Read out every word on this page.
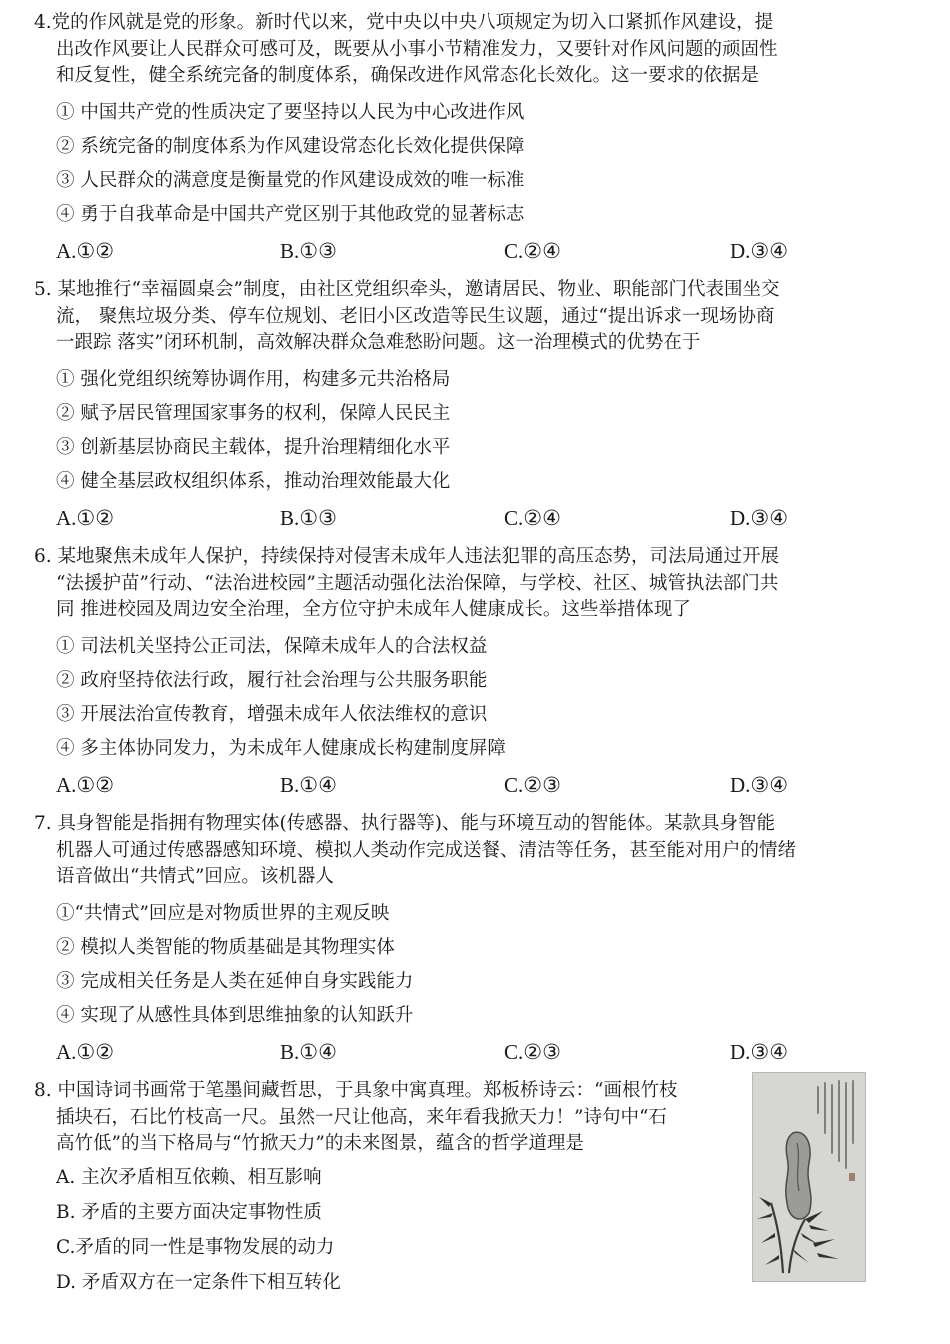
4.党的作风就是党的形象。新时代以来，党中央以中央八项规定为切入口紧抓作风建设，提
出改作风要让人民群众可感可及，既要从小事小节精准发力，又要针对作风问题的顽固性
和反复性，健全系统完备的制度体系，确保改进作风常态化长效化。这一要求的依据是

① 中国共产党的性质决定了要坚持以人民为中心改进作风
② 系统完备的制度体系为作风建设常态化长效化提供保障
③ 人民群众的满意度是衡量党的作风建设成效的唯一标准
④ 勇于自我革命是中国共产党区别于其他政党的显著标志
A.①②	B.①③	C.②④	D.③④

5. 某地推行“幸福圆桌会”制度，由社区党组织牵头，邀请居民、物业、职能部门代表围坐交
流， 聚焦垃圾分类、停车位规划、老旧小区改造等民生议题，通过“提出诉求一现场协商
一跟踪 落实”闭环机制，高效解决群众急难愁盼问题。这一治理模式的优势在于

① 强化党组织统筹协调作用，构建多元共治格局
② 赋予居民管理国家事务的权利，保障人民民主
③ 创新基层协商民主载体，提升治理精细化水平
④ 健全基层政权组织体系，推动治理效能最大化
A.①②	B.①③	C.②④	D.③④

6. 某地聚焦未成年人保护，持续保持对侵害未成年人违法犯罪的高压态势，司法局通过开展
“法援护苗”行动、“法治进校园”主题活动强化法治保障，与学校、社区、城管执法部门共
同 推进校园及周边安全治理，全方位守护未成年人健康成长。这些举措体现了

① 司法机关坚持公正司法，保障未成年人的合法权益
② 政府坚持依法行政，履行社会治理与公共服务职能
③ 开展法治宣传教育，增强未成年人依法维权的意识
④ 多主体协同发力，为未成年人健康成长构建制度屏障
A.①②	B.①④	C.②③	D.③④

7. 具身智能是指拥有物理实体(传感器、执行器等)、能与环境互动的智能体。某款具身智能
机器人可通过传感器感知环境、模拟人类动作完成送餐、清洁等任务，甚至能对用户的情绪
语音做出“共情式”回应。该机器人

①“共情式”回应是对物质世界的主观反映
② 模拟人类智能的物质基础是其物理实体
③ 完成相关任务是人类在延伸自身实践能力
④ 实现了从感性具体到思维抽象的认知跃升
A.①②	B.①④	C.②③	D.③④

8. 中国诗词书画常于笔墨间藏哲思，于具象中寓真理。郑板桥诗云：“画根竹枝
插块石，石比竹枝高一尺。虽然一尺让他高，来年看我掀天力！”诗句中“石
高竹低”的当下格局与“竹掀天力”的未来图景，蕴含的哲学道理是

A. 主次矛盾相互依赖、相互影响
B. 矛盾的主要方面决定事物性质
C.矛盾的同一性是事物发展的动力
D. 矛盾双方在一定条件下相互转化
